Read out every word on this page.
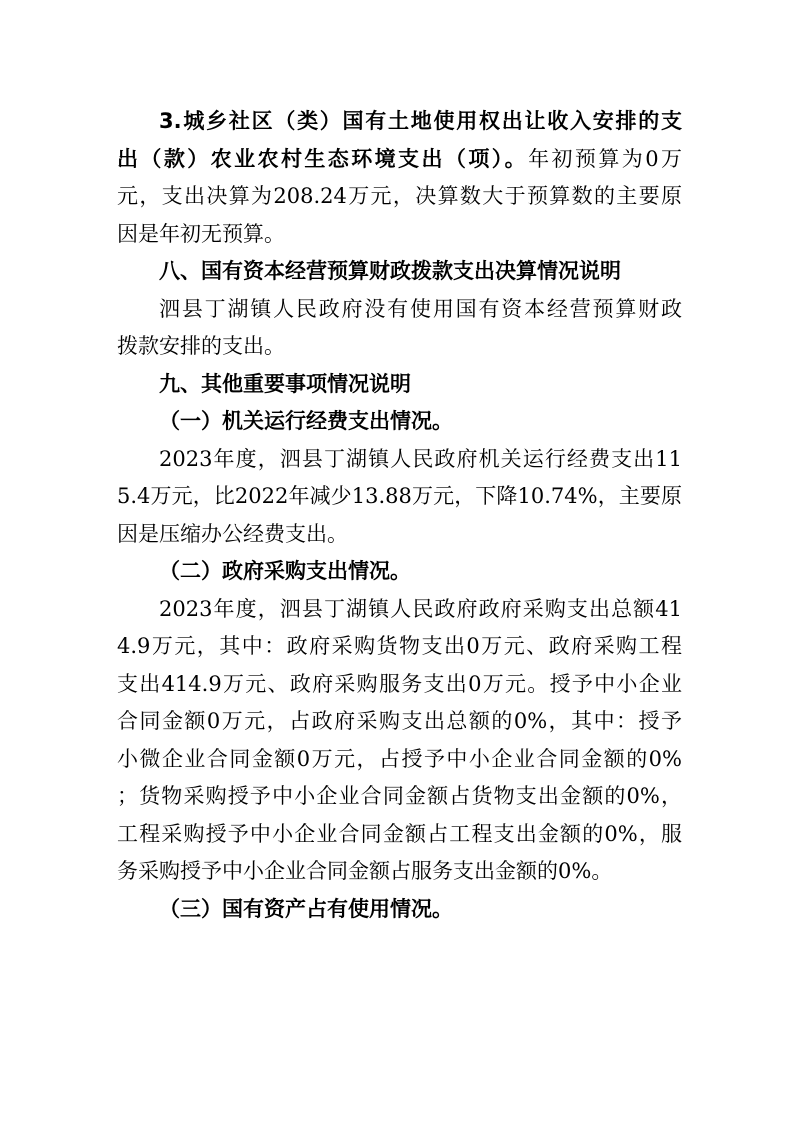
3.城乡社区（类）国有土地使用权出让收入安排的支
出（款）农业农村生态环境支出（项）。年初预算为0万
元，支出决算为208.24万元，决算数大于预算数的主要原
因是年初无预算。
八、国有资本经营预算财政拨款支出决算情况说明
泗县丁湖镇人民政府没有使用国有资本经营预算财政
拨款安排的支出。
九、其他重要事项情况说明
（一）机关运行经费支出情况。
2023年度，泗县丁湖镇人民政府机关运行经费支出11
5.4万元，比2022年减少13.88万元，下降10.74%，主要原
因是压缩办公经费支出。
（二）政府采购支出情况。
2023年度，泗县丁湖镇人民政府政府采购支出总额41
4.9万元，其中：政府采购货物支出0万元、政府采购工程
支出414.9万元、政府采购服务支出0万元。授予中小企业
合同金额0万元，占政府采购支出总额的0%，其中：授予
小微企业合同金额0万元，占授予中小企业合同金额的0%
；货物采购授予中小企业合同金额占货物支出金额的0%，
工程采购授予中小企业合同金额占工程支出金额的0%，服
务采购授予中小企业合同金额占服务支出金额的0%。
（三）国有资产占有使用情况。
